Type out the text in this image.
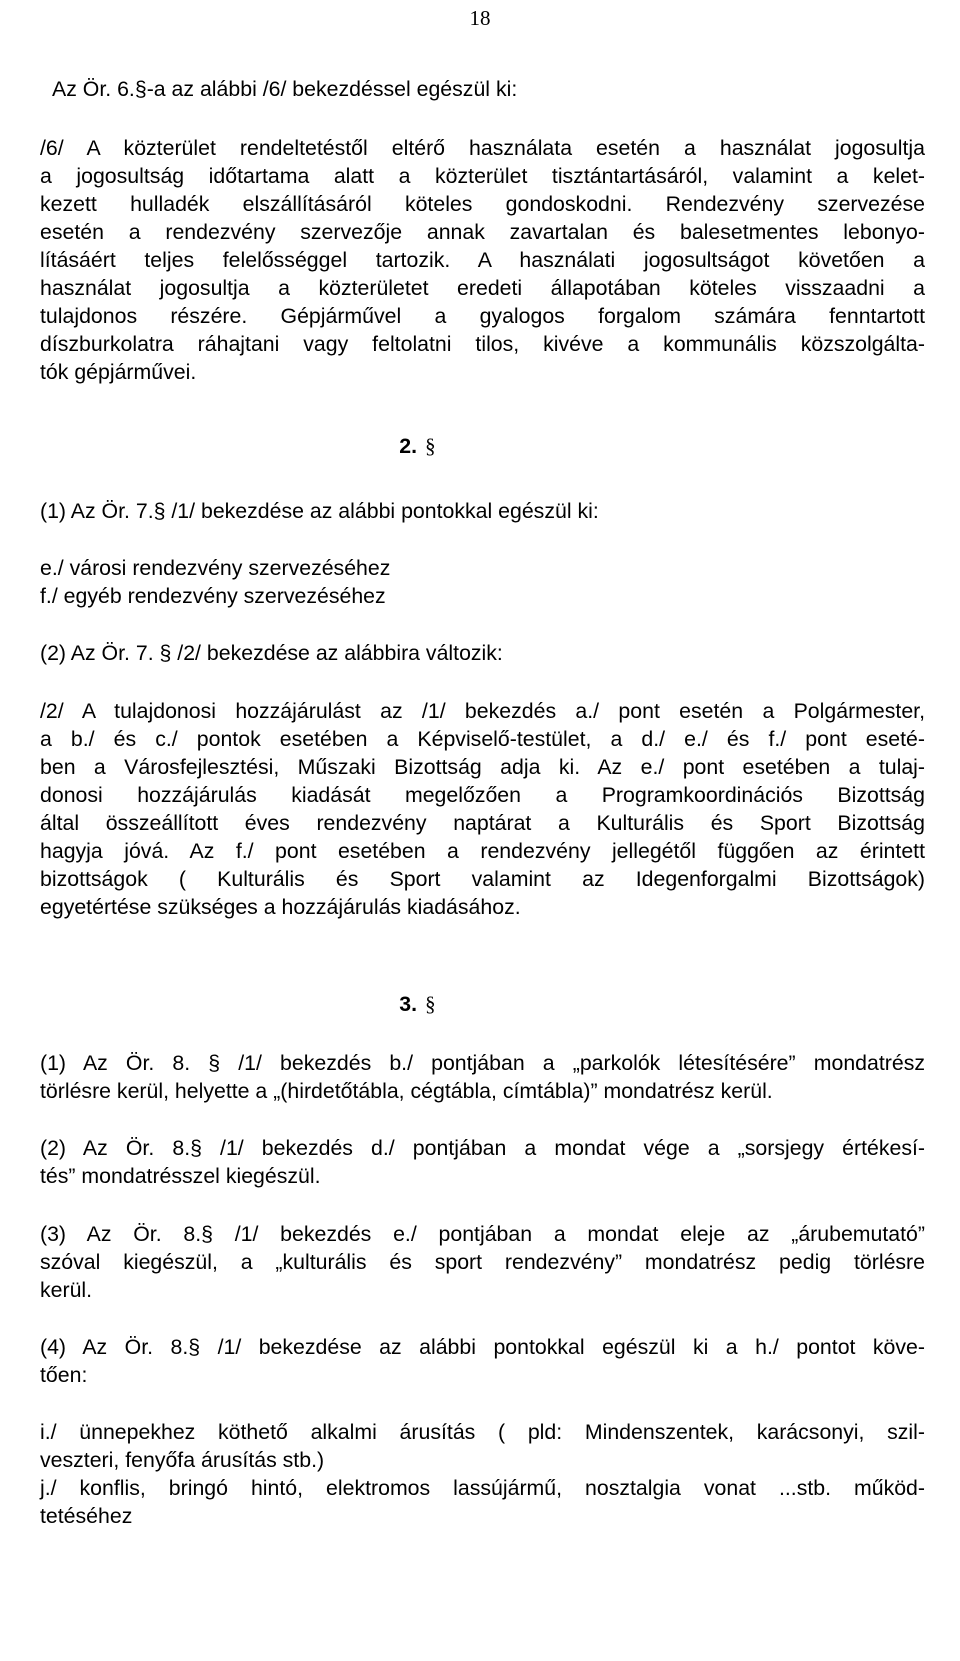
18

Az Ör. 6.§-a az alábbi /6/ bekezdéssel egészül ki:

/6/ A közterület rendeltetéstől eltérő használata esetén a használat jogosultja

a jogosultság időtartama alatt a közterület tisztántartásáról, valamint a kelet-

kezett hulladék elszállításáról köteles gondoskodni. Rendezvény szervezése

esetén a rendezvény szervezője annak zavartalan és balesetmentes lebonyo-

lításáért teljes felelősséggel tartozik. A használati jogosultságot követően a

használat jogosultja a közterületet eredeti állapotában köteles visszaadni a

tulajdonos részére. Gépjárművel a gyalogos forgalom számára fenntartott

díszburkolatra ráhajtani vagy feltolatni tilos, kivéve a kommunális közszolgálta-

tók gépjárművei.

(1) Az Ör. 7.§ /1/ bekezdése az alábbi pontokkal egészül ki:

e./ városi rendezvény szervezéséhez

f./ egyéb rendezvény szervezéséhez

(2) Az Ör. 7. § /2/ bekezdése az alábbira változik:

/2/ A tulajdonosi hozzájárulást az /1/ bekezdés a./ pont esetén a Polgármester,

a b./ és c./ pontok esetében a Képviselő-testület, a d./ e./ és f./ pont eseté-

ben a Városfejlesztési, Műszaki Bizottság adja ki. Az e./ pont esetében a tulaj-

donosi hozzájárulás kiadását megelőzően a Programkoordinációs Bizottság

által összeállított éves rendezvény naptárat a Kulturális és Sport Bizottság

hagyja jóvá. Az f./ pont esetében a rendezvény jellegétől függően az érintett

bizottságok ( Kulturális és Sport valamint az Idegenforgalmi Bizottságok)

egyetértése szükséges a hozzájárulás kiadásához.

(1) Az Ör. 8. § /1/ bekezdés b./ pontjában a „parkolók létesítésére” mondatrész

törlésre kerül, helyette a „(hirdetőtábla, cégtábla, címtábla)” mondatrész kerül.

(2) Az Ör. 8.§ /1/ bekezdés d./ pontjában a mondat vége a „sorsjegy értékesí-

tés” mondatrésszel kiegészül.

(3) Az Ör. 8.§ /1/ bekezdés e./ pontjában a mondat eleje az „árubemutató”

szóval kiegészül, a „kulturális és sport rendezvény” mondatrész pedig törlésre

kerül.

(4) Az Ör. 8.§ /1/ bekezdése az alábbi pontokkal egészül ki a h./ pontot köve-

tően:

i./ ünnepekhez köthető alkalmi árusítás ( pld: Mindenszentek, karácsonyi, szil-

veszteri, fenyőfa árusítás stb.)

j./ konflis, bringó hintó, elektromos lassújármű, nosztalgia vonat ...stb. működ-

tetéséhez

2. §
3. §
